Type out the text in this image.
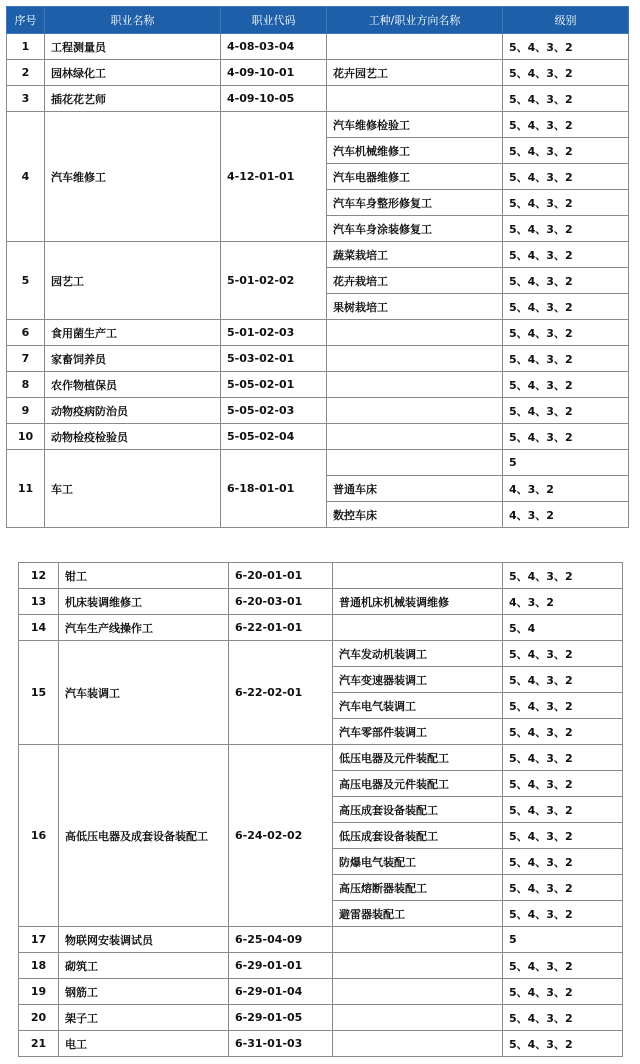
序号	职业名称	职业代码	工种/职业方向名称	级别
1	工程测量员	4-08-03-04		5、4、3、2
2	园林绿化工	4-09-10-01	花卉园艺工	5、4、3、2
3	插花花艺师	4-09-10-05		5、4、3、2
4	汽车维修工	4-12-01-01	汽车维修检验工	5、4、3、2
			汽车机械维修工	5、4、3、2
			汽车电器维修工	5、4、3、2
			汽车车身整形修复工	5、4、3、2
			汽车车身涂装修复工	5、4、3、2
5	园艺工	5-01-02-02	蔬菜栽培工	5、4、3、2
			花卉栽培工	5、4、3、2
			果树栽培工	5、4、3、2
6	食用菌生产工	5-01-02-03		5、4、3、2
7	家畜饲养员	5-03-02-01		5、4、3、2
8	农作物植保员	5-05-02-01		5、4、3、2
9	动物疫病防治员	5-05-02-03		5、4、3、2
10	动物检疫检验员	5-05-02-04		5、4、3、2
11	车工	6-18-01-01		5
			普通车床	4、3、2
			数控车床	4、3、2
12	钳工	6-20-01-01		5、4、3、2
13	机床装调维修工	6-20-03-01	普通机床机械装调维修	4、3、2
14	汽车生产线操作工	6-22-01-01		5、4
15	汽车装调工	6-22-02-01	汽车发动机装调工	5、4、3、2
			汽车变速器装调工	5、4、3、2
			汽车电气装调工	5、4、3、2
			汽车零部件装调工	5、4、3、2
16	高低压电器及成套设备装配工	6-24-02-02	低压电器及元件装配工	5、4、3、2
			高压电器及元件装配工	5、4、3、2
			高压成套设备装配工	5、4、3、2
			低压成套设备装配工	5、4、3、2
			防爆电气装配工	5、4、3、2
			高压熔断器装配工	5、4、3、2
			避雷器装配工	5、4、3、2
17	物联网安装调试员	6-25-04-09		5
18	砌筑工	6-29-01-01		5、4、3、2
19	钢筋工	6-29-01-04		5、4、3、2
20	架子工	6-29-01-05		5、4、3、2
21	电工	6-31-01-03		5、4、3、2
